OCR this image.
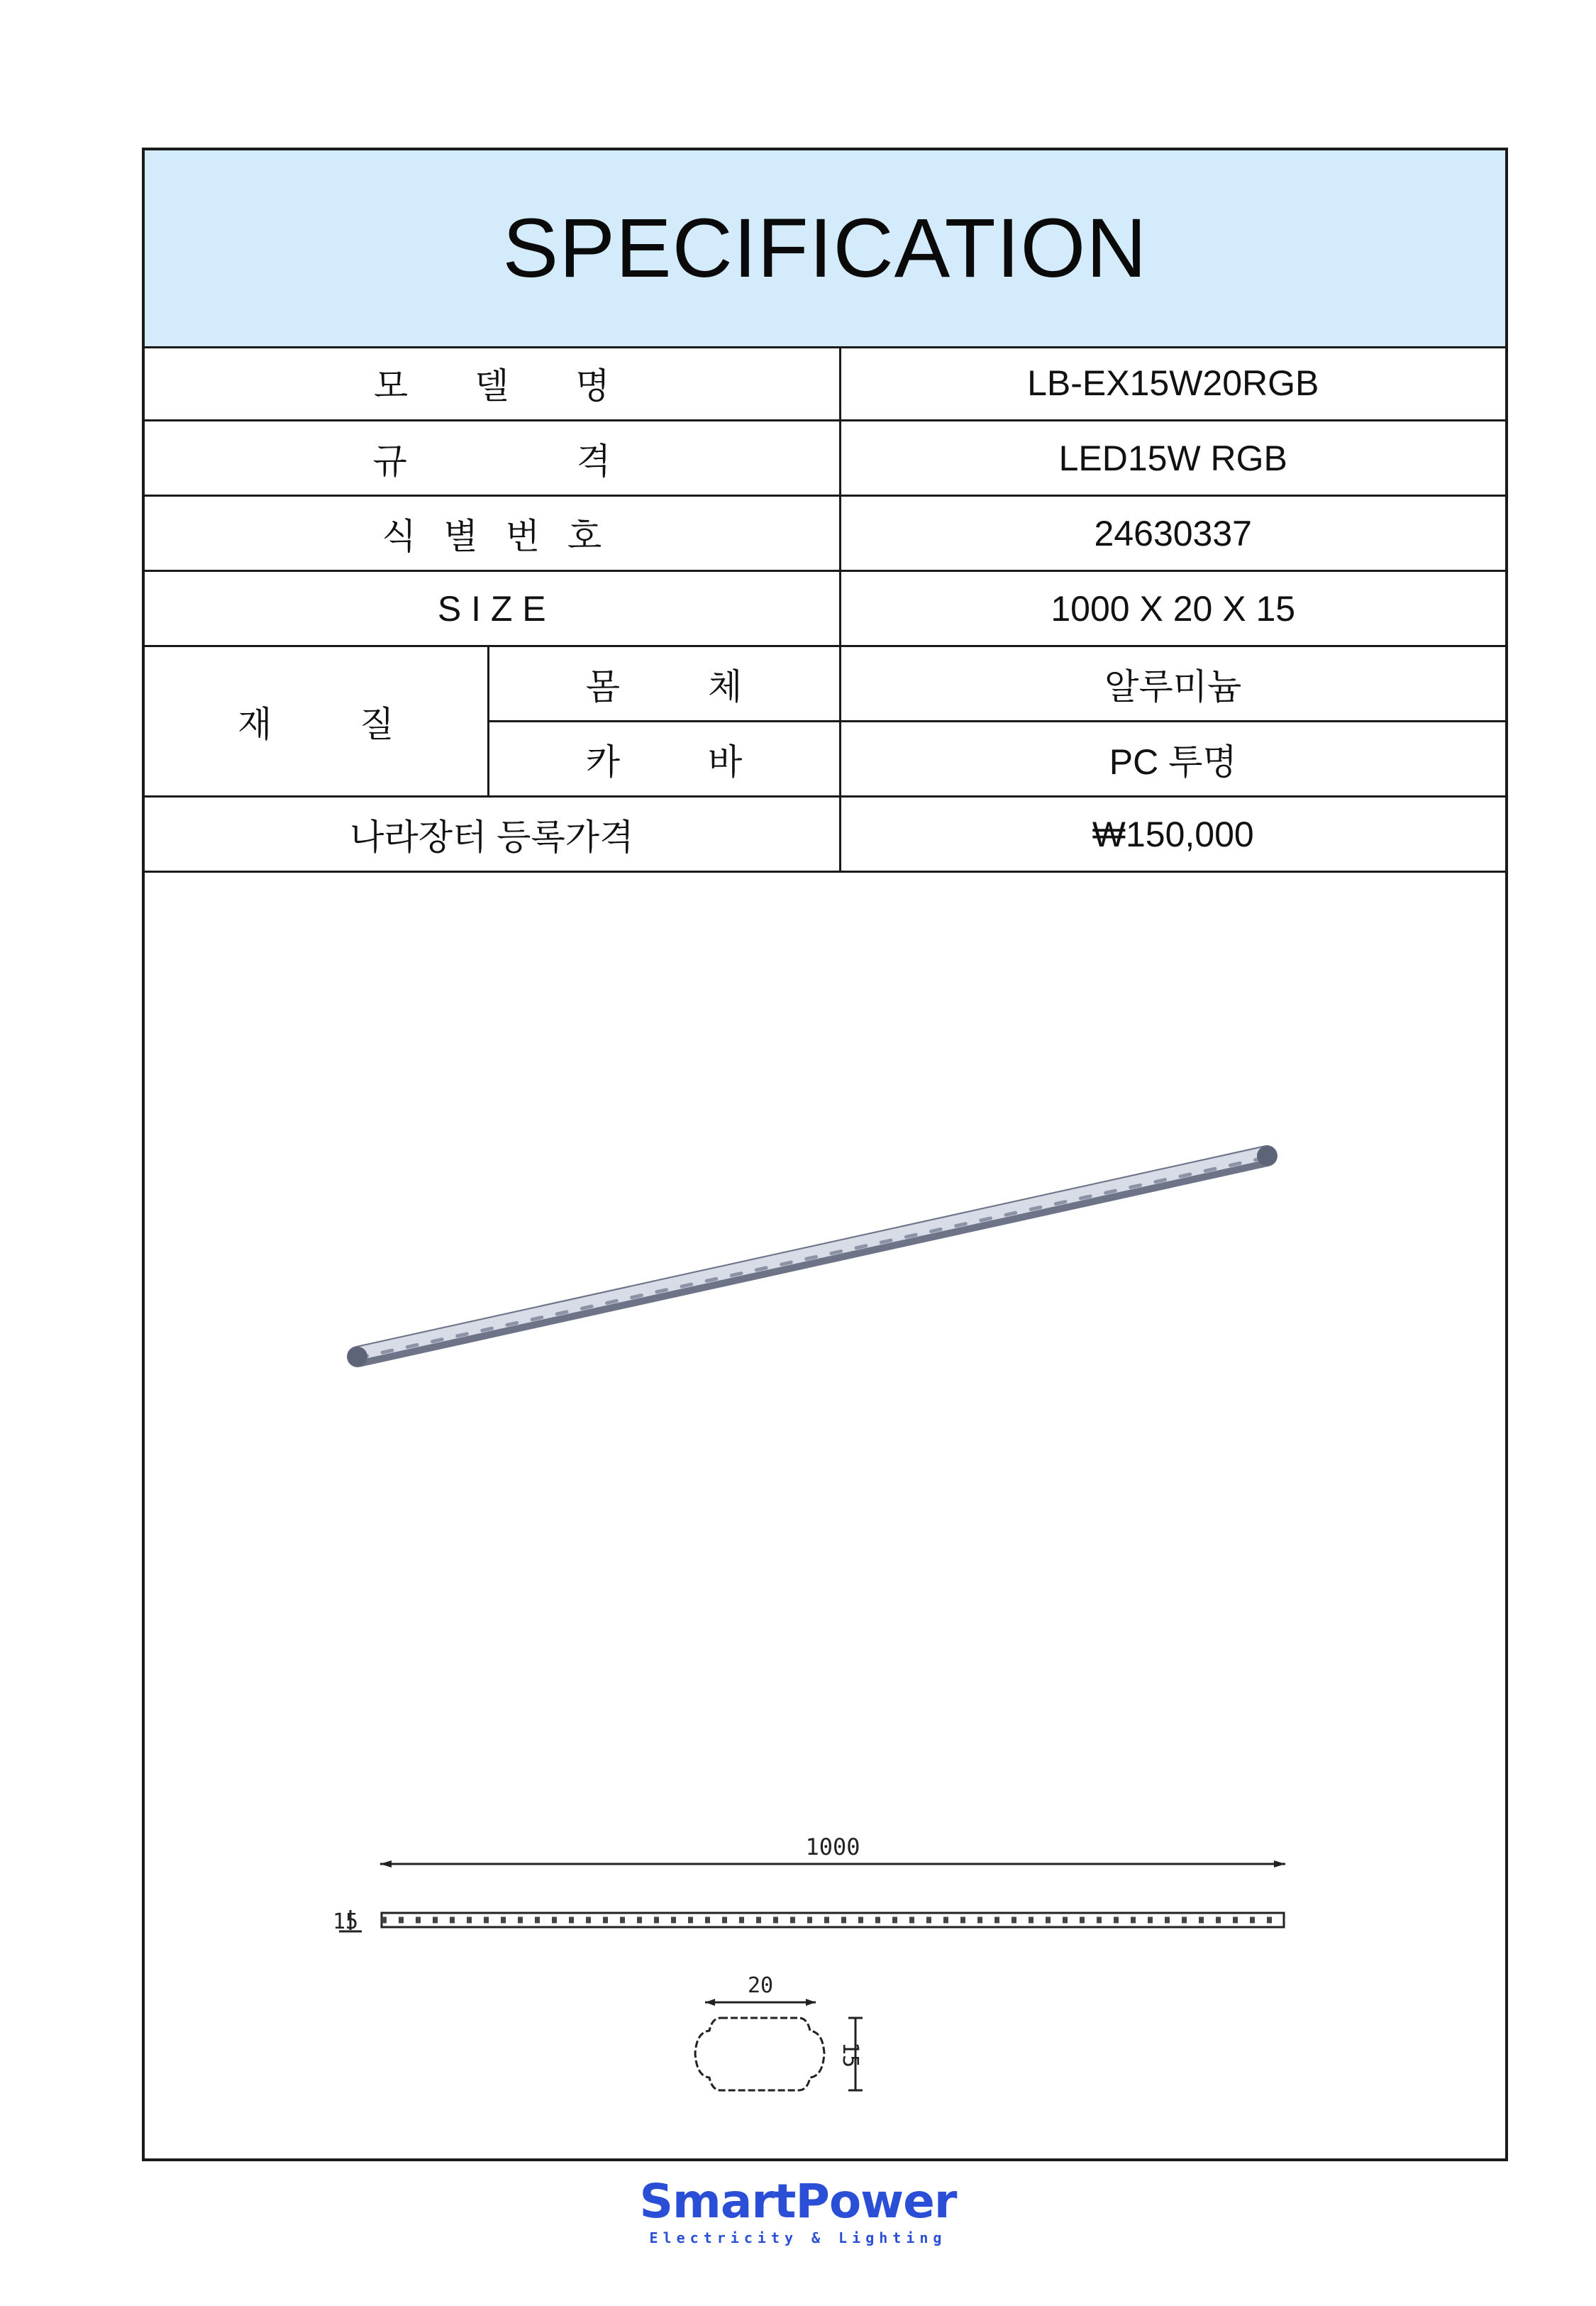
SPECIFICATION
모 델 명		LB-EX15W20RGB
규 격		LED15W RGB
식 별 번 호		24630337
S I Z E		1000 X 20 X 15
재 질	몸 체	알루미늄
	카 바	PC 투명
나라장터 등록가격		₩150,000
1000
15
20
15
SmartPower
Electricity & Lighting
